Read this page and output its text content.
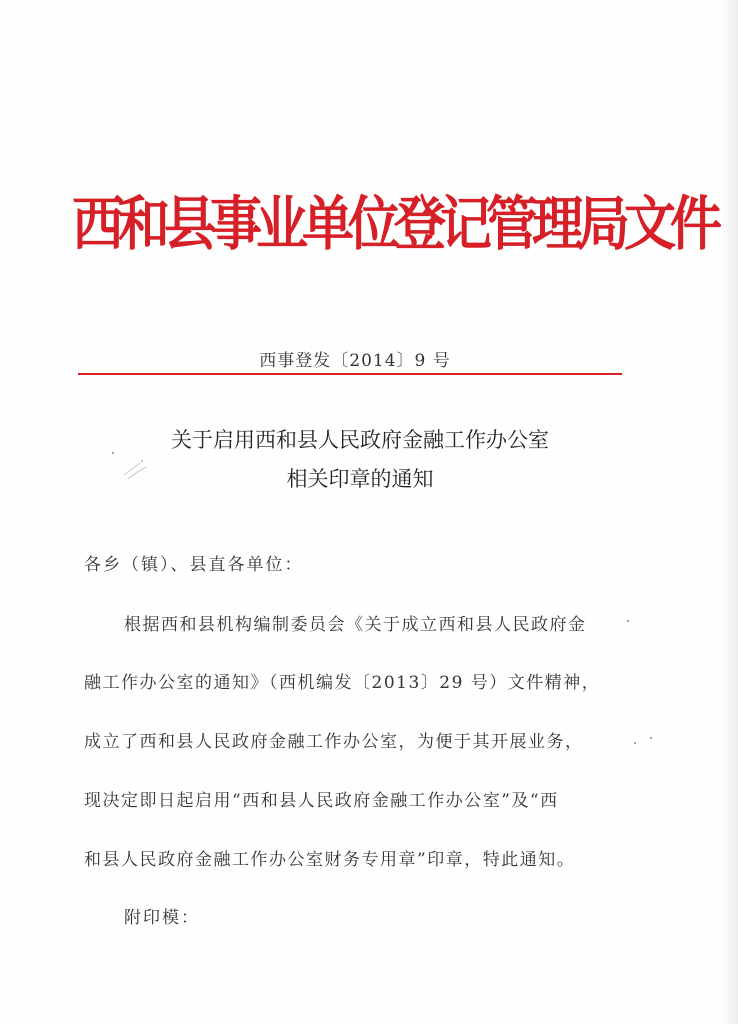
西和县事业单位登记管理局文件
西事登发〔2014〕9 号
关于启用西和县人民政府金融工作办公室
相关印章的通知
各乡（镇）、县直各单位：
根据西和县机构编制委员会《关于成立西和县人民政府金
融工作办公室的通知》（西机编发〔2013〕29 号）文件精神，
成立了西和县人民政府金融工作办公室，为便于其开展业务，
现决定即日起启用“西和县人民政府金融工作办公室”及“西
和县人民政府金融工作办公室财务专用章”印章，特此通知。
附印模：
